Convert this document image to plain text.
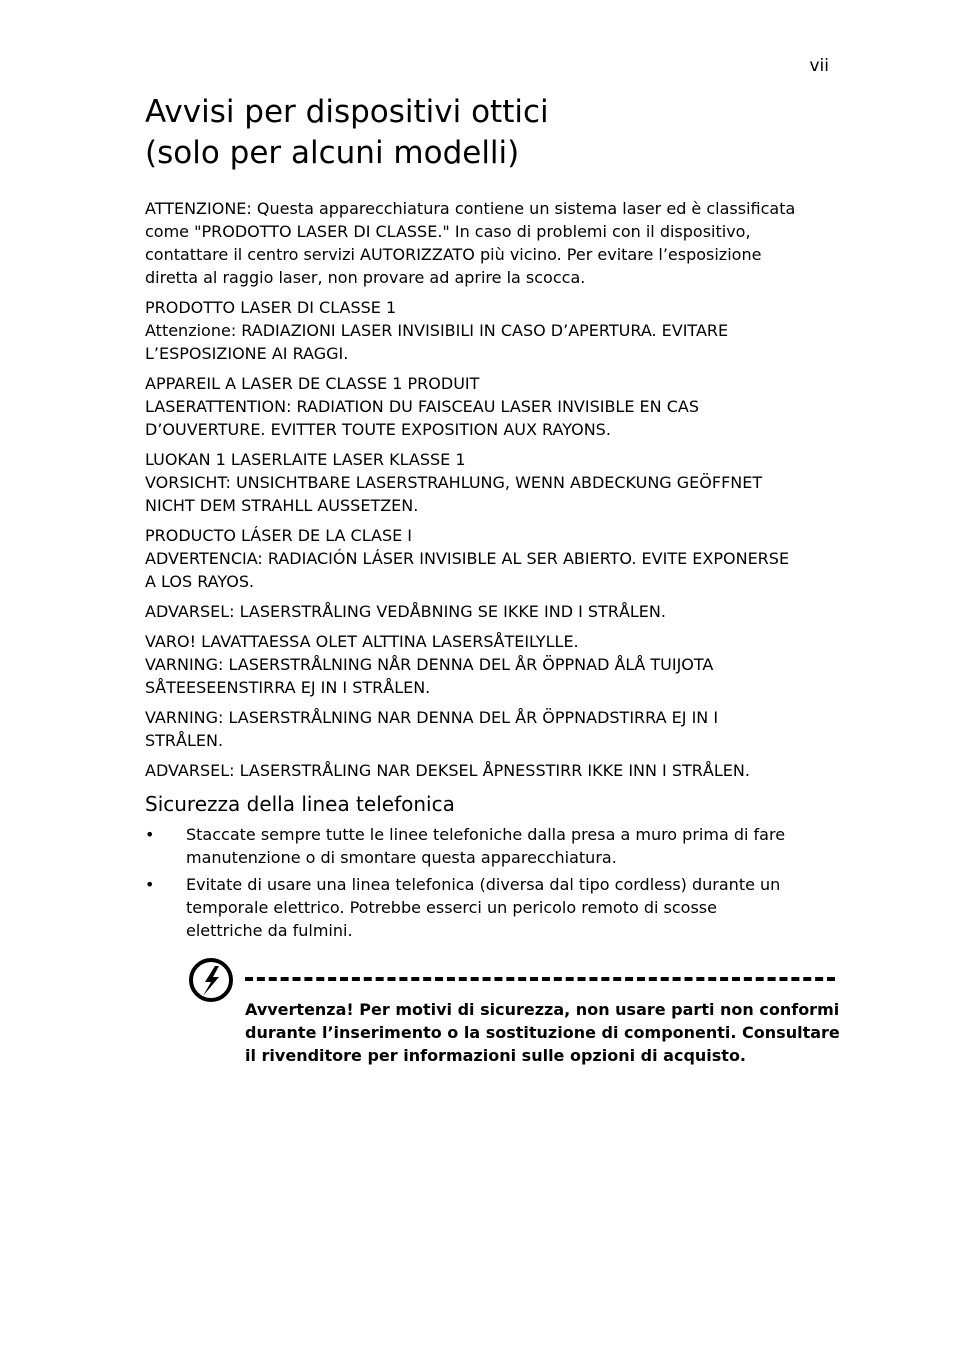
vii
Avvisi per dispositivi ottici
(solo per alcuni modelli)

ATTENZIONE: Questa apparecchiatura contiene un sistema laser ed è classificata
come "PRODOTTO LASER DI CLASSE." In caso di problemi con il dispositivo,
contattare il centro servizi AUTORIZZATO più vicino. Per evitare l’esposizione
diretta al raggio laser, non provare ad aprire la scocca.

PRODOTTO LASER DI CLASSE 1
Attenzione: RADIAZIONI LASER INVISIBILI IN CASO D’APERTURA. EVITARE
L’ESPOSIZIONE AI RAGGI.

APPAREIL A LASER DE CLASSE 1 PRODUIT
LASERATTENTION: RADIATION DU FAISCEAU LASER INVISIBLE EN CAS
D’OUVERTURE. EVITTER TOUTE EXPOSITION AUX RAYONS.

LUOKAN 1 LASERLAITE LASER KLASSE 1
VORSICHT: UNSICHTBARE LASERSTRAHLUNG, WENN ABDECKUNG GEÖFFNET
NICHT DEM STRAHLL AUSSETZEN.

PRODUCTO LÁSER DE LA CLASE I
ADVERTENCIA: RADIACIÓN LÁSER INVISIBLE AL SER ABIERTO. EVITE EXPONERSE
A LOS RAYOS.

ADVARSEL: LASERSTRÅLING VEDÅBNING SE IKKE IND I STRÅLEN.

VARO! LAVATTAESSA OLET ALTTINA LASERSÅTEILYLLE.
VARNING: LASERSTRÅLNING NÅR DENNA DEL ÅR ÖPPNAD ÅLÅ TUIJOTA
SÅTEESEENSTIRRA EJ IN I STRÅLEN.

VARNING: LASERSTRÅLNING NAR DENNA DEL ÅR ÖPPNADSTIRRA EJ IN I
STRÅLEN.

ADVARSEL: LASERSTRÅLING NAR DEKSEL ÅPNESSTIRR IKKE INN I STRÅLEN.

Sicurezza della linea telefonica
• Staccate sempre tutte le linee telefoniche dalla presa a muro prima di fare
manutenzione o di smontare questa apparecchiatura.
• Evitate di usare una linea telefonica (diversa dal tipo cordless) durante un
temporale elettrico. Potrebbe esserci un pericolo remoto di scosse
elettriche da fulmini.
Avvertenza! Per motivi di sicurezza, non usare parti non conformi
durante l’inserimento o la sostituzione di componenti. Consultare
il rivenditore per informazioni sulle opzioni di acquisto.
